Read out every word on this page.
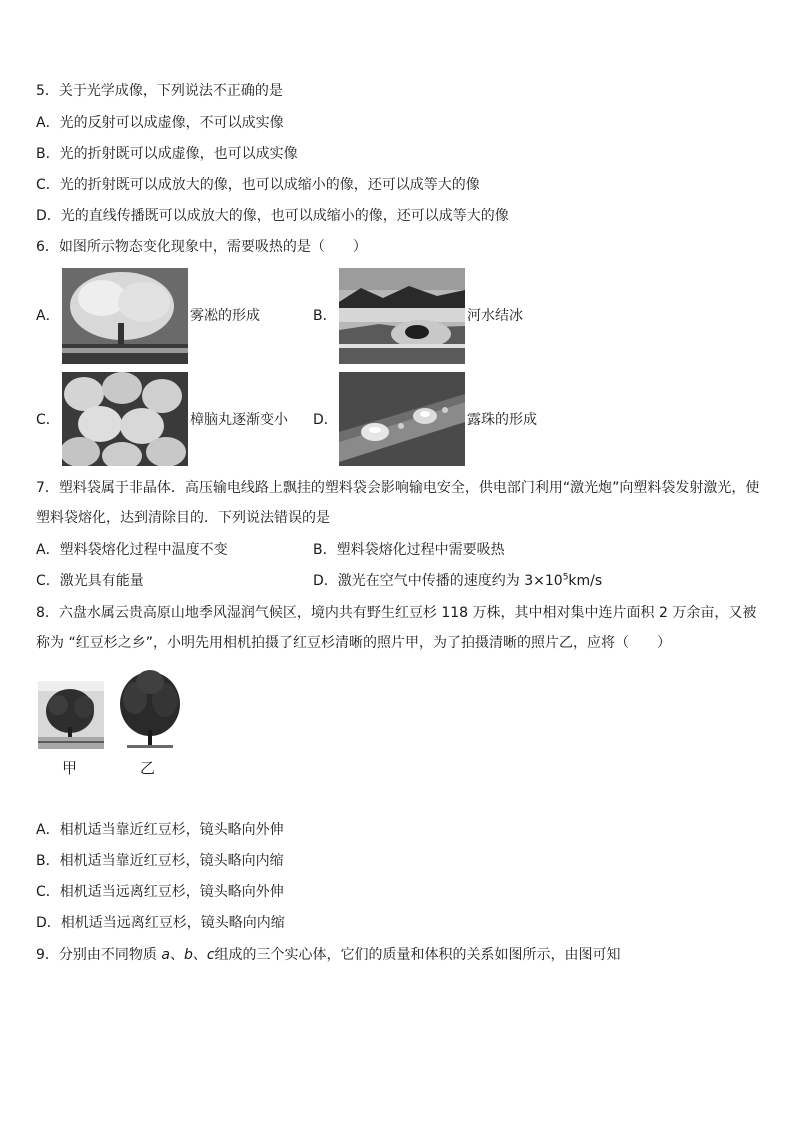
5．关于光学成像，下列说法不正确的是
A．光的反射可以成虚像，不可以成实像
B．光的折射既可以成虚像，也可以成实像
C．光的折射既可以成放大的像，也可以成缩小的像，还可以成等大的像
D．光的直线传播既可以成放大的像，也可以成缩小的像，还可以成等大的像
6．如图所示物态变化现象中，需要吸热的是（　　）
A．	雾凇的形成	B．	河水结冰
C．	樟脑丸逐渐变小 D．	露珠的形成
7．塑料袋属于非晶体．高压输电线路上飘挂的塑料袋会影响输电安全，供电部门利用“激光炮”向塑料袋发射激光，使塑料袋熔化，达到清除目的．下列说法错误的是
A．塑料袋熔化过程中温度不变	B．塑料袋熔化过程中需要吸热
C．激光具有能量	D．激光在空气中传播的速度约为 $3\times 10^5km/s$
8．六盘水属云贵高原山地季风湿润气候区，境内共有野生红豆杉 118 万株，其中相对集中连片面积 2 万余亩，又被称为 “红豆杉之乡”，小明先用相机拍摄了红豆杉清晰的照片甲，为了拍摄清晰的照片乙，应将（　　）
甲	乙
A．相机适当靠近红豆杉，镜头略向外伸
B．相机适当靠近红豆杉，镜头略向内缩
C．相机适当远离红豆杉，镜头略向外伸
D．相机适当远离红豆杉，镜头略向内缩
9．分别由不同物质 a、b、c组成的三个实心体，它们的质量和体积的关系如图所示，由图可知
